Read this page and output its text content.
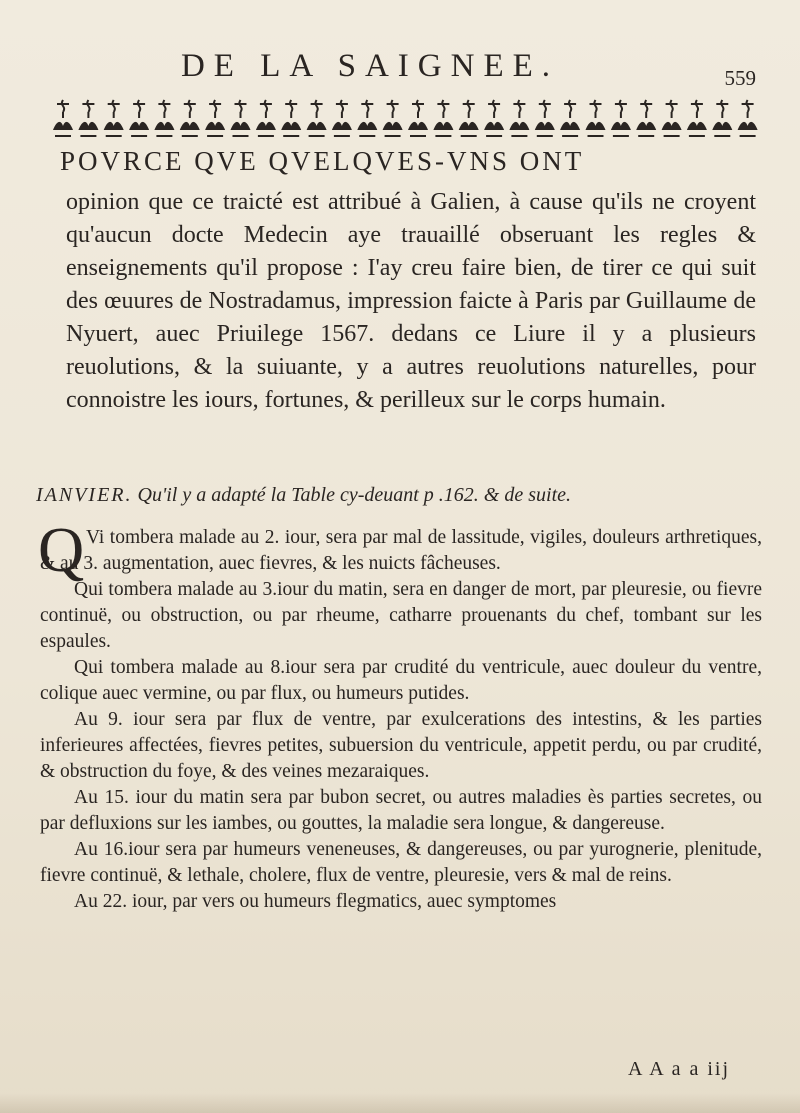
DE LA SAIGNEE.	559
POVRCE QVE QVELQVES-VNS ONT
opinion que ce traicté est attribué à Galien, à cause qu'ils ne croyent qu'aucun docte Medecin aye trauaillé obseruant les regles & enseignements qu'il propose : I'ay creu faire bien, de tirer ce qui suit des œuures de Nostradamus, impression faicte à Paris par Guillaume de Nyuert, auec Priuilege 1567. dedans ce Liure il y a plusieurs reuolutions, & la suiuante, y a autres reuolutions naturelles, pour connoistre les iours, fortunes, & perilleux sur le corps humain.
IANVIER. Qu'il y a adapté la Table cy-deuant p .162. & de suite.
Q Vi tombera malade au 2. iour, sera par mal de lassitude, vigiles, douleurs arthretiques, & au 3. augmentation, auec fievres, & les nuicts fâcheuses.

Qui tombera malade au 3.iour du matin, sera en danger de mort, par pleuresie, ou fievre continuë, ou obstruction, ou par rheume, catharre prouenants du chef, tombant sur les espaules.

Qui tombera malade au 8.iour sera par crudité du ventricule, auec douleur du ventre, colique auec vermine, ou par flux, ou humeurs putides.

Au 9. iour sera par flux de ventre, par exulcerations des intestins, & les parties inferieures affectées, fievres petites, subuersion du ventricule, appetit perdu, ou par crudité, & obstruction du foye, & des veines mezaraiques.

Au 15. iour du matin sera par bubon secret, ou autres maladies ès parties secretes, ou par defluxions sur les iambes, ou gouttes, la maladie sera longue, & dangereuse.

Au 16.iour sera par humeurs veneneuses, & dangereuses, ou par yurognerie, plenitude, fievre continuë, & lethale, cholere, flux de ventre, pleuresie, vers & mal de reins.

Au 22. iour, par vers ou humeurs flegmatics, auec symptomes

A A a a iij
